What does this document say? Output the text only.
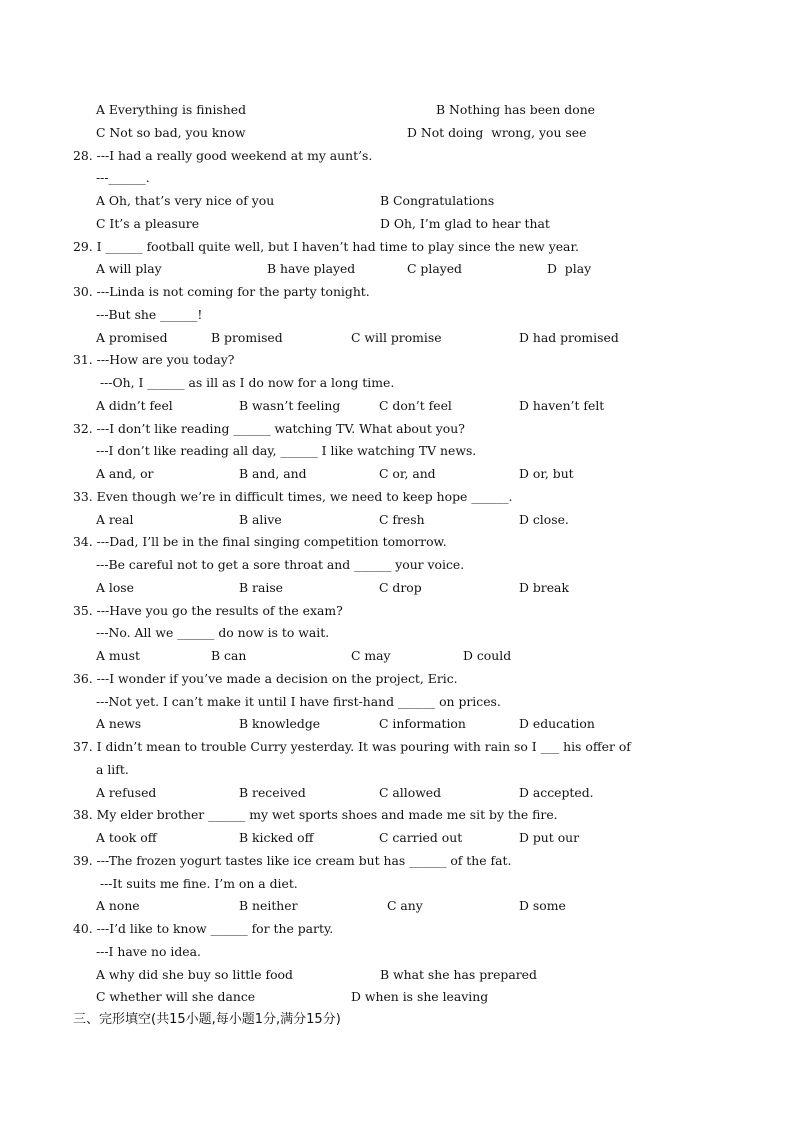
A Everything is finished	B Nothing has been done
C Not so bad, you know	D Not doing  wrong, you see
28. ---I had a really good weekend at my aunt’s.
---______.
A Oh, that’s very nice of you	B Congratulations
C It’s a pleasure	D Oh, I’m glad to hear that
29. I ______ football quite well, but I haven’t had time to play since the new year.
A will play	B have played	C played	D  play
30. ---Linda is not coming for the party tonight.
---But she ______!
A promised	B promised	C will promise	D had promised
31. ---How are you today?
---Oh, I ______ as ill as I do now for a long time.
A didn’t feel	B wasn’t feeling	C don’t feel	D haven’t felt
32. ---I don’t like reading ______ watching TV. What about you?
---I don’t like reading all day, ______ I like watching TV news.
A and, or	B and, and	C or, and	D or, but
33. Even though we’re in difficult times, we need to keep hope ______.
A real	B alive	C fresh	D close.
34. ---Dad, I’ll be in the final singing competition tomorrow.
---Be careful not to get a sore throat and ______ your voice.
A lose	B raise	C drop	D break
35. ---Have you go the results of the exam?
---No. All we ______ do now is to wait.
A must	B can	C may	D could
36. ---I wonder if you’ve made a decision on the project, Eric.
---Not yet. I can’t make it until I have first-hand ______ on prices.
A news	B knowledge	C information	D education
37. I didn’t mean to trouble Curry yesterday. It was pouring with rain so I ___ his offer of
a lift.
A refused	B received	C allowed	D accepted.
38. My elder brother ______ my wet sports shoes and made me sit by the fire.
A took off	B kicked off	C carried out	D put our
39. ---The frozen yogurt tastes like ice cream but has ______ of the fat.
---It suits me fine. I’m on a diet.
A none	B neither	C any	D some
40. ---I’d like to know ______ for the party.
---I have no idea.
A why did she buy so little food	B what she has prepared
C whether will she dance	D when is she leaving
三、完形填空(共15小题,每小题1分,满分15分)
